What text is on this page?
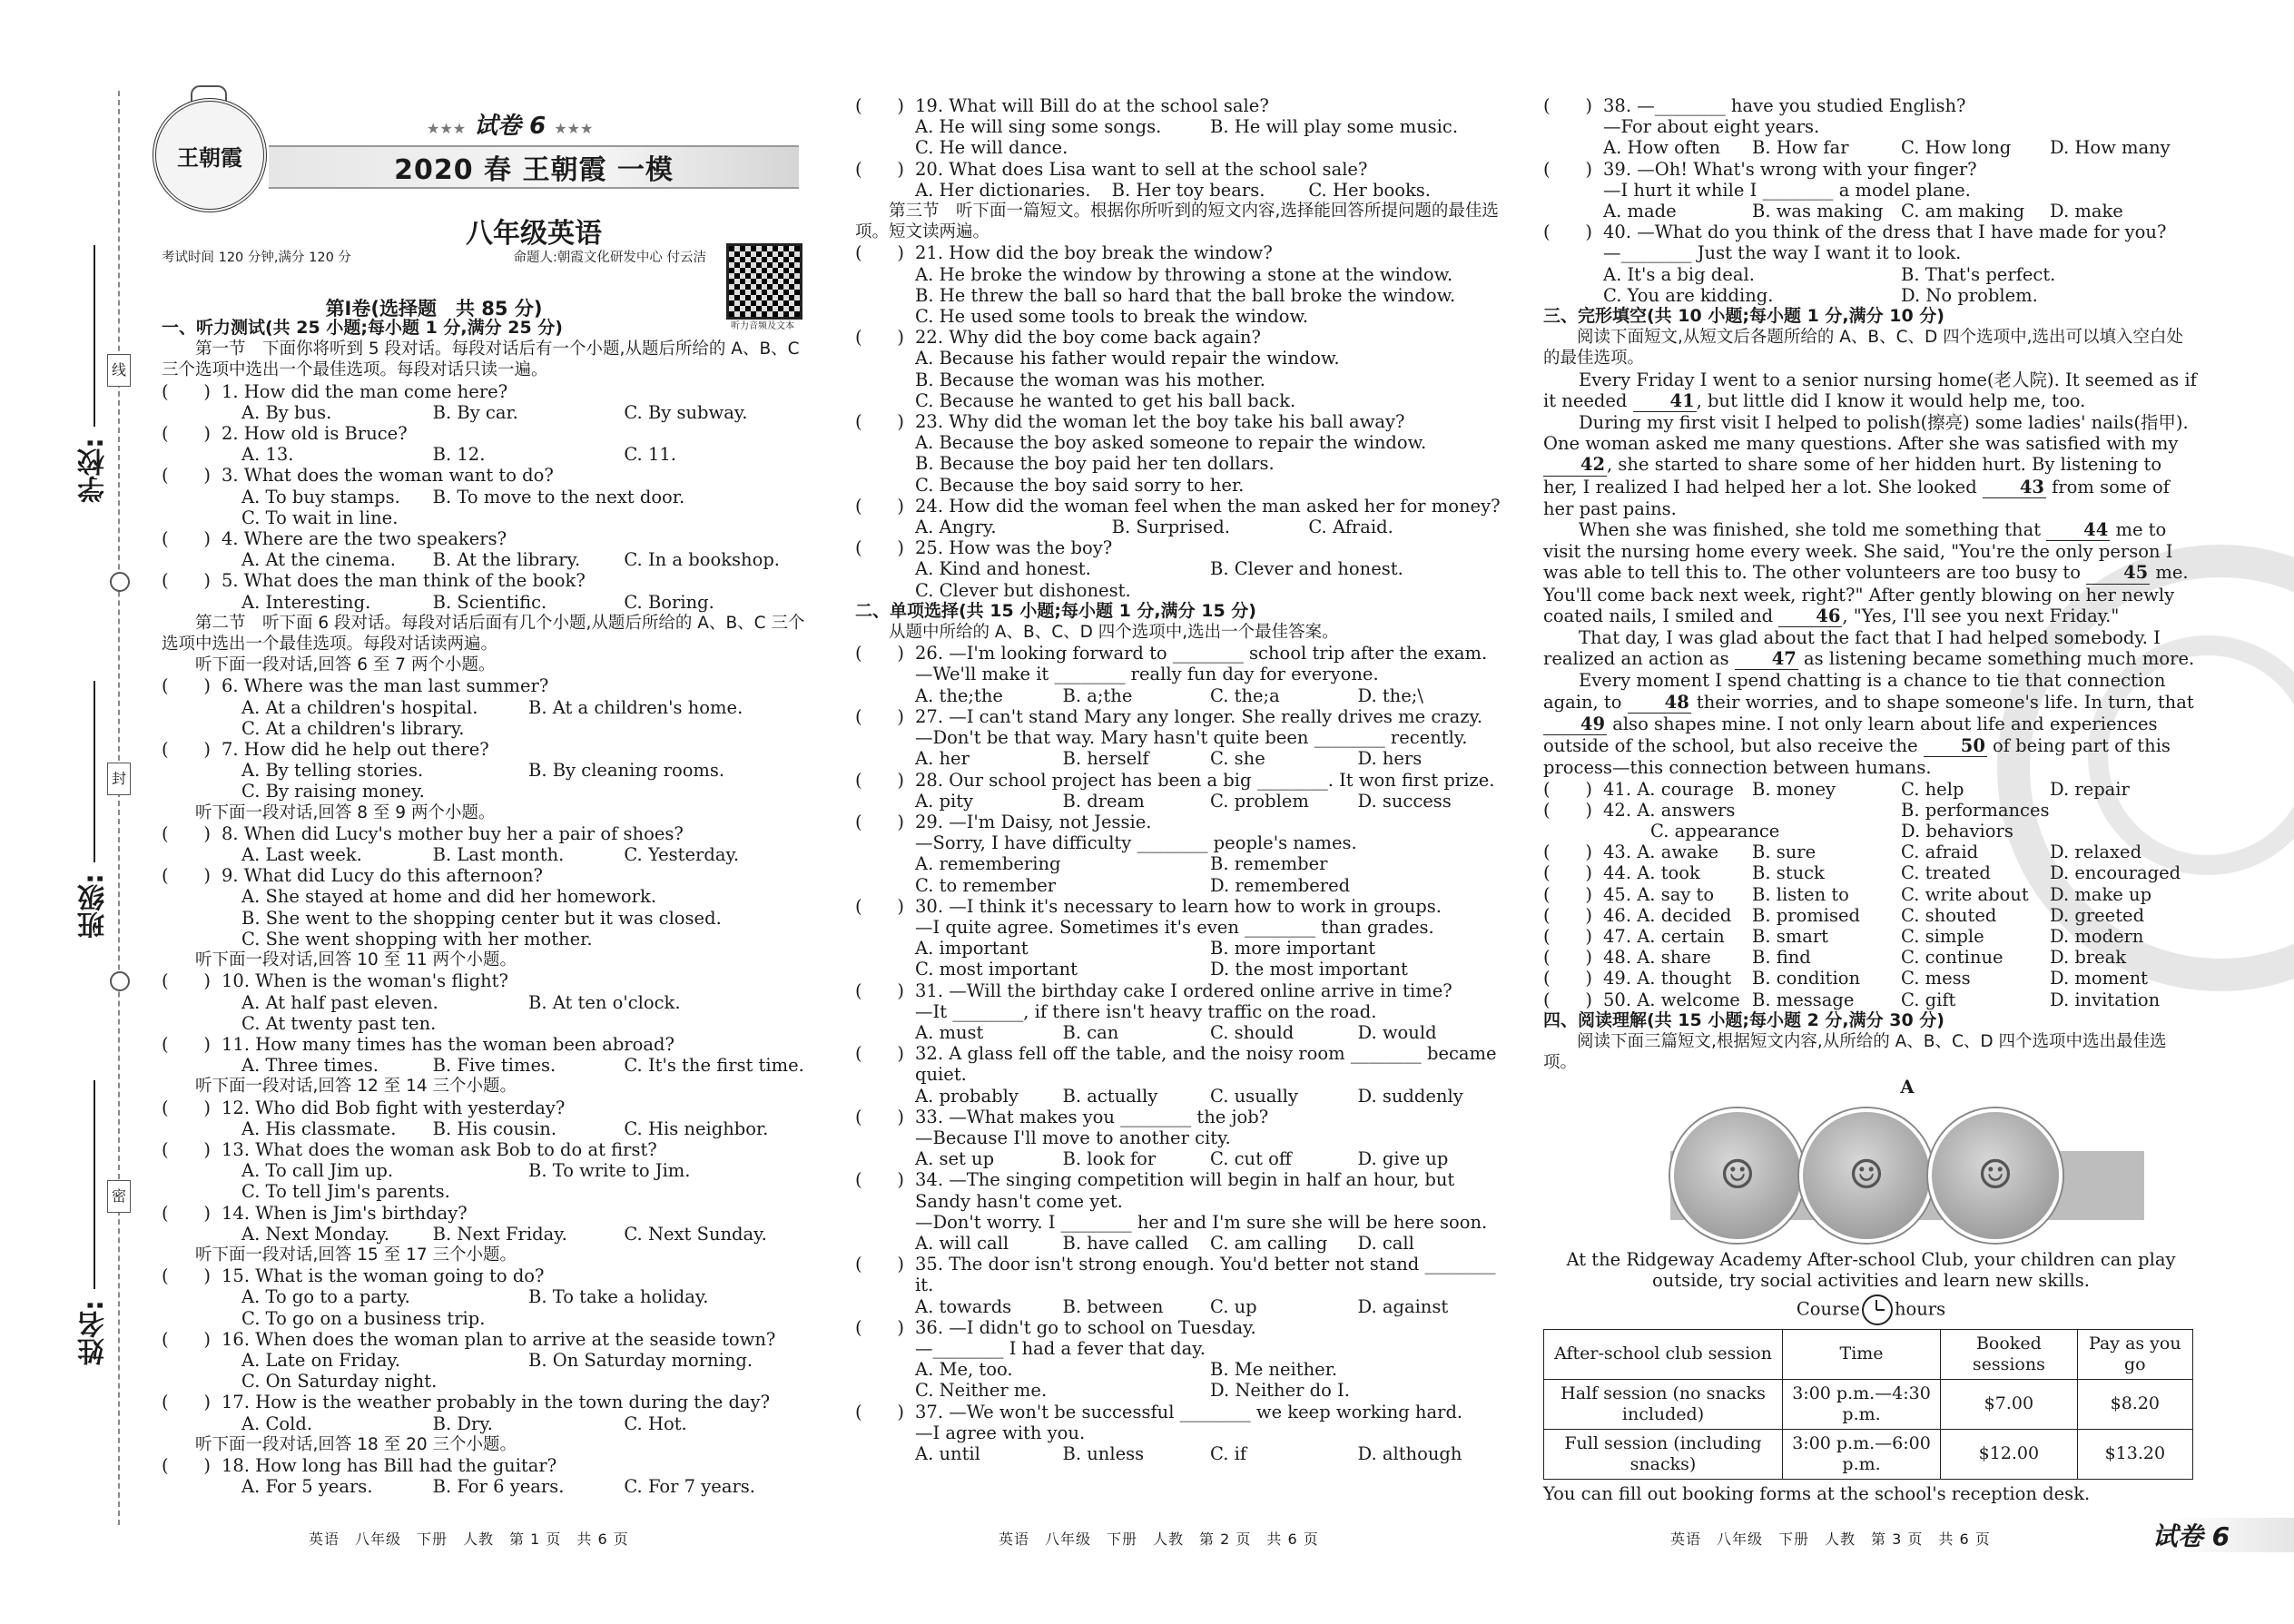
线
封
密
学校:
班级:
姓名:
王朝霞
★★★ 试卷 6 ★★★
2020 春 王朝霞 一模
八年级英语
考试时间 120 分钟,满分 120 分	命题人:朝霞文化研发中心 付云洁
听力音频及文本
第Ⅰ卷(选择题　共 85 分)
一、听力测试(共 25 小题;每小题 1 分,满分 25 分)
第一节　下面你将听到 5 段对话。每段对话后有一个小题,从题后所给的 A、B、C 三个选项中选出一个最佳选项。每段对话只读一遍。
( ) 1. How did the man come here?
A. By bus.	B. By car.	C. By subway.
( ) 2. How old is Bruce?
A. 13.	B. 12.	C. 11.
( ) 3. What does the woman want to do?
A. To buy stamps.	B. To move to the next door.
C. To wait in line.
( ) 4. Where are the two speakers?
A. At the cinema.	B. At the library.	C. In a bookshop.
( ) 5. What does the man think of the book?
A. Interesting.	B. Scientific.	C. Boring.
第二节　听下面 6 段对话。每段对话后面有几个小题,从题后所给的 A、B、C 三个选项中选出一个最佳选项。每段对话读两遍。
听下面一段对话,回答 6 至 7 两个小题。
( ) 6. Where was the man last summer?
A. At a children's hospital.	B. At a children's home.
C. At a children's library.
( ) 7. How did he help out there?
A. By telling stories.	B. By cleaning rooms.
C. By raising money.
听下面一段对话,回答 8 至 9 两个小题。
( ) 8. When did Lucy's mother buy her a pair of shoes?
A. Last week.	B. Last month.	C. Yesterday.
( ) 9. What did Lucy do this afternoon?
A. She stayed at home and did her homework.
B. She went to the shopping center but it was closed.
C. She went shopping with her mother.
听下面一段对话,回答 10 至 11 两个小题。
( ) 10. When is the woman's flight?
A. At half past eleven.	B. At ten o'clock.
C. At twenty past ten.
( ) 11. How many times has the woman been abroad?
A. Three times.	B. Five times.	C. It's the first time.
听下面一段对话,回答 12 至 14 三个小题。
( ) 12. Who did Bob fight with yesterday?
A. His classmate.	B. His cousin.	C. His neighbor.
( ) 13. What does the woman ask Bob to do at first?
A. To call Jim up.	B. To write to Jim.
C. To tell Jim's parents.
( ) 14. When is Jim's birthday?
A. Next Monday.	B. Next Friday.	C. Next Sunday.
听下面一段对话,回答 15 至 17 三个小题。
( ) 15. What is the woman going to do?
A. To go to a party.	B. To take a holiday.
C. To go on a business trip.
( ) 16. When does the woman plan to arrive at the seaside town?
A. Late on Friday.	B. On Saturday morning.
C. On Saturday night.
( ) 17. How is the weather probably in the town during the day?
A. Cold.	B. Dry.	C. Hot.
听下面一段对话,回答 18 至 20 三个小题。
( ) 18. How long has Bill had the guitar?
A. For 5 years.	B. For 6 years.	C. For 7 years.
( ) 19. What will Bill do at the school sale?
A. He will sing some songs.	B. He will play some music.
C. He will dance.
( ) 20. What does Lisa want to sell at the school sale?
A. Her dictionaries.	B. Her toy bears.	C. Her books.
第三节　听下面一篇短文。根据你所听到的短文内容,选择能回答所提问题的最佳选项。短文读两遍。
( ) 21. How did the boy break the window?
A. He broke the window by throwing a stone at the window.
B. He threw the ball so hard that the ball broke the window.
C. He used some tools to break the window.
( ) 22. Why did the boy come back again?
A. Because his father would repair the window.
B. Because the woman was his mother.
C. Because he wanted to get his ball back.
( ) 23. Why did the woman let the boy take his ball away?
A. Because the boy asked someone to repair the window.
B. Because the boy paid her ten dollars.
C. Because the boy said sorry to her.
( ) 24. How did the woman feel when the man asked her for money?
A. Angry.	B. Surprised.	C. Afraid.
( ) 25. How was the boy?
A. Kind and honest.	B. Clever and honest.
C. Clever but dishonest.
二、单项选择(共 15 小题;每小题 1 分,满分 15 分)
从题中所给的 A、B、C、D 四个选项中,选出一个最佳答案。
( ) 26. —I'm looking forward to ________ school trip after the exam.
—We'll make it ________ really fun day for everyone.
A. the;the	B. a;the	C. the;a	D. the;\
( ) 27. —I can't stand Mary any longer. She really drives me crazy.
—Don't be that way. Mary hasn't quite been ________ recently.
A. her	B. herself	C. she	D. hers
( ) 28. Our school project has been a big ________. It won first prize.
A. pity	B. dream	C. problem	D. success
( ) 29. —I'm Daisy, not Jessie.
—Sorry, I have difficulty ________ people's names.
A. remembering	B. remember
C. to remember	D. remembered
( ) 30. —I think it's necessary to learn how to work in groups.
—I quite agree. Sometimes it's even ________ than grades.
A. important	B. more important
C. most important	D. the most important
( ) 31. —Will the birthday cake I ordered online arrive in time?
—It ________, if there isn't heavy traffic on the road.
A. must	B. can	C. should	D. would
( ) 32. A glass fell off the table, and the noisy room ________ became quiet.
A. probably	B. actually	C. usually	D. suddenly
( ) 33. —What makes you ________ the job?
—Because I'll move to another city.
A. set up	B. look for	C. cut off	D. give up
( ) 34. —The singing competition will begin in half an hour, but Sandy hasn't come yet.
—Don't worry. I ________ her and I'm sure she will be here soon.
A. will call	B. have called	C. am calling	D. call
( ) 35. The door isn't strong enough. You'd better not stand ________ it.
A. towards	B. between	C. up	D. against
( ) 36. —I didn't go to school on Tuesday.
—________ I had a fever that day.
A. Me, too.	B. Me neither.
C. Neither me.	D. Neither do I.
( ) 37. —We won't be successful ________ we keep working hard.
—I agree with you.
A. until	B. unless	C. if	D. although
( ) 38. —________ have you studied English?
—For about eight years.
A. How often	B. How far	C. How long	D. How many
( ) 39. —Oh! What's wrong with your finger?
—I hurt it while I ________ a model plane.
A. made	B. was making	C. am making	D. make
( ) 40. —What do you think of the dress that I have made for you?
—________ Just the way I want it to look.
A. It's a big deal.	B. That's perfect.
C. You are kidding.	D. No problem.
三、完形填空(共 10 小题;每小题 1 分,满分 10 分)
阅读下面短文,从短文后各题所给的 A、B、C、D 四个选项中,选出可以填入空白处的最佳选项。
Every Friday I went to a senior nursing home(老人院). It seemed as if it needed 41, but little did I know it would help me, too.
During my first visit I helped to polish(擦亮) some ladies' nails(指甲). One woman asked me many questions. After she was satisfied with my 42, she started to share some of her hidden hurt. By listening to her, I realized I had helped her a lot. She looked 43 from some of her past pains.
When she was finished, she told me something that 44 me to visit the nursing home every week. She said, "You're the only person I was able to tell this to. The other volunteers are too busy to 45 me. You'll come back next week, right?" After gently blowing on her newly coated nails, I smiled and 46, "Yes, I'll see you next Friday."
That day, I was glad about the fact that I had helped somebody. I realized an action as 47 as listening became something much more.
Every moment I spend chatting is a chance to tie that connection again, to 48 their worries, and to shape someone's life. In turn, that 49 also shapes mine. I not only learn about life and experiences outside of the school, but also receive the 50 of being part of this process—this connection between humans.
( ) 41. A. courage	B. money	C. help	D. repair
( ) 42. A. answers	B. performances
C. appearance	D. behaviors
( ) 43. A. awake	B. sure	C. afraid	D. relaxed
( ) 44. A. took	B. stuck	C. treated	D. encouraged
( ) 45. A. say to	B. listen to	C. write about	D. make up
( ) 46. A. decided	B. promised	C. shouted	D. greeted
( ) 47. A. certain	B. smart	C. simple	D. modern
( ) 48. A. share	B. find	C. continue	D. break
( ) 49. A. thought	B. condition	C. mess	D. moment
( ) 50. A. welcome B. message	C. gift	D. invitation
四、阅读理解(共 15 小题;每小题 2 分,满分 30 分)
阅读下面三篇短文,根据短文内容,从所给的 A、B、C、D 四个选项中选出最佳选项。
A
☺	☺	☺
At the Ridgeway Academy After-school Club, your children can play outside, try social activities and learn new skills.
Course hours
After-school club session	Time	Booked sessions	Pay as you go
Half session (no snacks included)	3:00 p.m.—4:30 p.m.	$7.00	$8.20
Full session (including snacks)	3:00 p.m.—6:00 p.m.	$12.00	$13.20
You can fill out booking forms at the school's reception desk.
英语　八年级　下册　人教　第 1 页　共 6 页	英语　八年级　下册　人教　第 2 页　共 6 页	英语　八年级　下册　人教　第 3 页　共 6 页	试卷 6
